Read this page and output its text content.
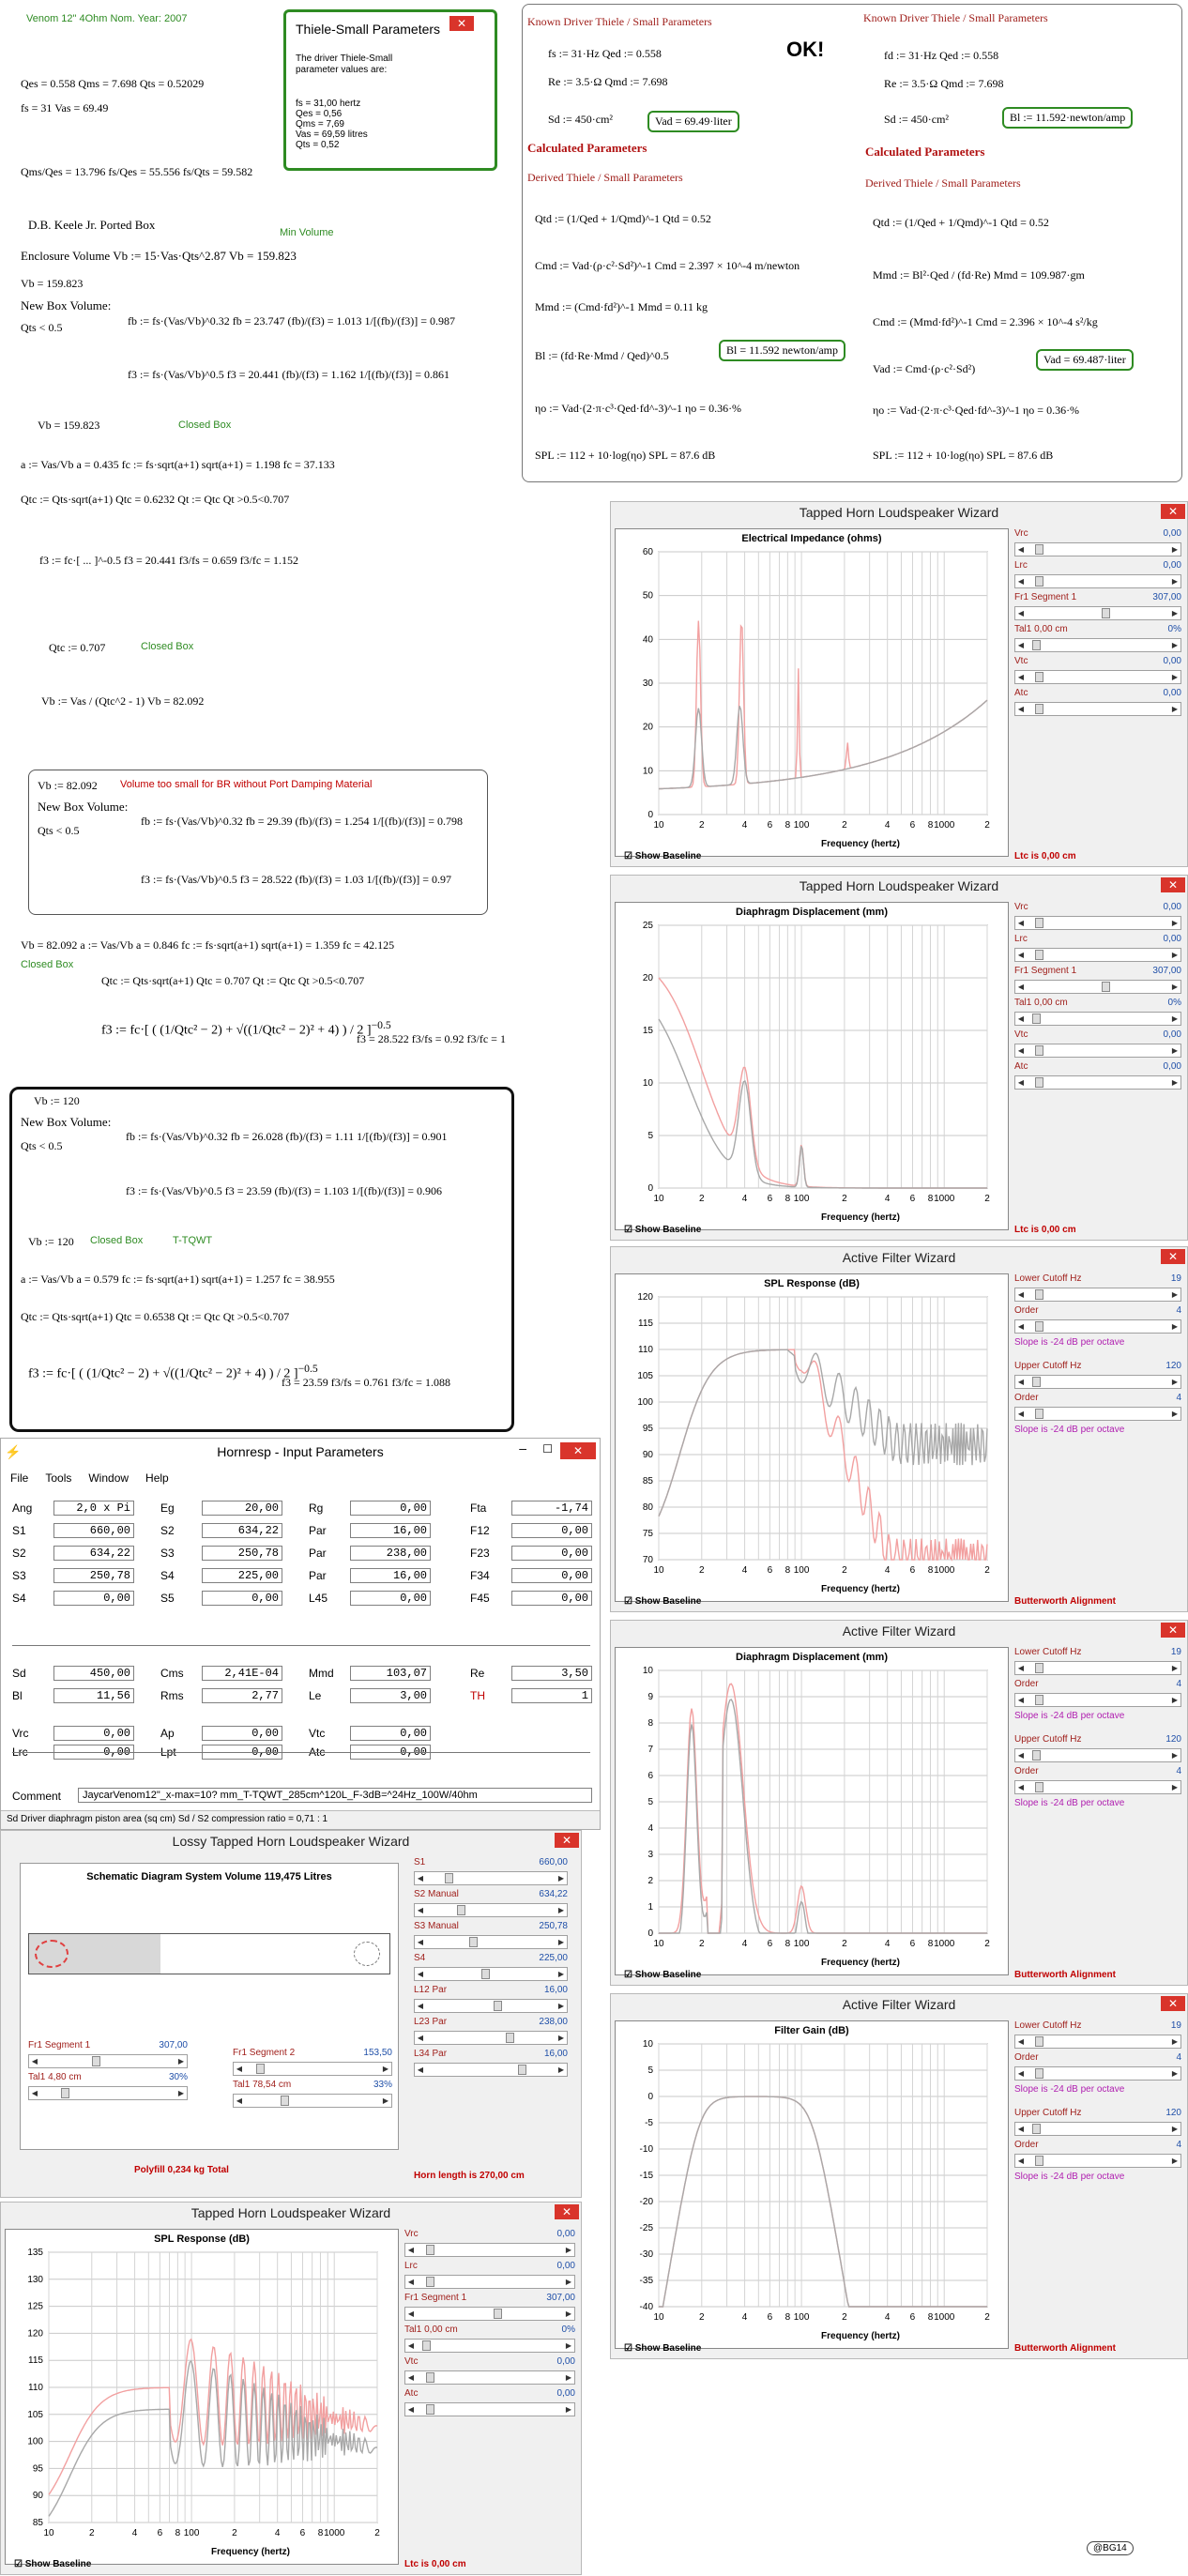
Venom 12" 4Ohm Nom. Year: 2007
Thiele-Small Parameters	✕
The driver Thiele-Small parameter values are:
fs = 31,00 hertz
Qes = 0,56
Qms = 7,69
Vas = 69,59 litres
Qts = 0,52
Qes = 0.558 Qms = 7.698 Qts = 0.52029
fs = 31 Vas = 69.49
Qms/Qes = 13.796 fs/Qes = 55.556 fs/Qts = 59.582
D.B. Keele Jr. Ported Box
Min Volume
Enclosure Volume Vb := 15·Vas·Qts^2.87 Vb = 159.823
Vb = 159.823
New Box Volume:
Qts < 0.5	fb := fs·(Vas/Vb)^0.32 fb = 23.747 (fb)/(f3) = 1.013 1/[(fb)/(f3)] = 0.987
f3 := fs·(Vas/Vb)^0.5 f3 = 20.441 (fb)/(f3) = 1.162 1/[(fb)/(f3)] = 0.861
Vb = 159.823	Closed Box
a := Vas/Vb a = 0.435 fc := fs·sqrt(a+1) sqrt(a+1) = 1.198 fc = 37.133
Qtc := Qts·sqrt(a+1) Qtc = 0.6232 Qt := Qtc Qt >0.5<0.707
f3 := fc·[ ... ]^-0.5 f3 = 20.441 f3/fs = 0.659 f3/fc = 1.152
Qtc := 0.707	Closed Box
Vb := Vas / (Qtc^2 - 1) Vb = 82.092
Vb := 82.092 Volume too small for BR without Port Damping Material
New Box Volume:
Qts < 0.5
fb := fs·(Vas/Vb)^0.32 fb = 29.39 (fb)/(f3) = 1.254 1/[(fb)/(f3)] = 0.798
f3 := fs·(Vas/Vb)^0.5 f3 = 28.522 (fb)/(f3) = 1.03 1/[(fb)/(f3)] = 0.97
Vb = 82.092 a := Vas/Vb a = 0.846 fc := fs·sqrt(a+1) sqrt(a+1) = 1.359 fc = 42.125
Closed Box
Qtc := Qts·sqrt(a+1) Qtc = 0.707 Qt := Qtc Qt >0.5<0.707
f3 = 28.522 f3/fs = 0.92 f3/fc = 1
f3 := fc·[ ( (1/Qtc² − 2) + √((1/Qtc² − 2)² + 4) ) / 2 ]$^{-0.5}$
Vb := 120
New Box Volume:
Qts < 0.5
fb := fs·(Vas/Vb)^0.32 fb = 26.028 (fb)/(f3) = 1.11 1/[(fb)/(f3)] = 0.901
f3 := fs·(Vas/Vb)^0.5 f3 = 23.59 (fb)/(f3) = 1.103 1/[(fb)/(f3)] = 0.906
Vb := 120 Closed Box	T-TQWT
a := Vas/Vb a = 0.579 fc := fs·sqrt(a+1) sqrt(a+1) = 1.257 fc = 38.955
Qtc := Qts·sqrt(a+1) Qtc = 0.6538 Qt := Qtc Qt >0.5<0.707
f3 := fc·[ ( (1/Qtc² − 2) + √((1/Qtc² − 2)² + 4) ) / 2 ]$^{-0.5}$
f3 = 23.59 f3/fs = 0.761 f3/fc = 1.088
Known Driver Thiele / Small Parameters
OK!
fs := 31·Hz Qed := 0.558
Re := 3.5·Ω Qmd := 7.698
Sd := 450·cm²	Vad = 69.49·liter
Calculated Parameters
Derived Thiele / Small Parameters
Qtd := (1/Qed + 1/Qmd)^-1 Qtd = 0.52
Cmd := Vad·(ρ·c²·Sd²)^-1 Cmd = 2.397 × 10^-4 m/newton
Mmd := (Cmd·fd²)^-1 Mmd = 0.11 kg
Bl := (fd·Re·Mmd / Qed)^0.5	Bl = 11.592 newton/amp
ηo := Vad·(2·π·c³·Qed·fd^-3)^-1 ηo = 0.36·%
SPL := 112 + 10·log(ηo) SPL = 87.6 dB
Known Driver Thiele / Small Parameters
fd := 31·Hz Qed := 0.558
Re := 3.5·Ω Qmd := 7.698
Sd := 450·cm²	Bl := 11.592·newton/amp
Calculated Parameters
Derived Thiele / Small Parameters
Qtd := (1/Qed + 1/Qmd)^-1 Qtd = 0.52
Mmd := Bl²·Qed / (fd·Re) Mmd = 109.987·gm
Cmd := (Mmd·fd²)^-1 Cmd = 2.396 × 10^-4 s²/kg
Vad := Cmd·(ρ·c²·Sd²)
Vad = 69.487·liter
ηo := Vad·(2·π·c³·Qed·fd^-3)^-1 ηo = 0.36·%
SPL := 112 + 10·log(ηo) SPL = 87.6 dB
Tapped Horn Loudspeaker Wizard	✕
Electrical Impedance (ohms)
60
50
40
30
20
10
0
10	2	4 6 8 100	2	4 6 8 1000	2
Frequency (hertz)
☑ Show Baseline	Ltc is 0,00 cm
Vrc	0,00
◀	▶
Lrc	0,00
◀	▶
Fr1 Segment 1	307,00
◀	▶
Tal1 0,00 cm	0%
◀	▶
Vtc	0,00
◀	▶
Atc	0,00
◀	▶
Tapped Horn Loudspeaker Wizard	✕
Diaphragm Displacement (mm)
25
20
15
10
5
0
10	2	4 6 8 100	2	4 6 8 1000	2
Frequency (hertz)
☑ Show Baseline	Ltc is 0,00 cm
Vrc	0,00
◀	▶
Lrc	0,00
◀	▶
Fr1 Segment 1	307,00
◀	▶
Tal1 0,00 cm	0%
◀	▶
Vtc	0,00
◀	▶
Atc	0,00
◀	▶
Active Filter Wizard	✕
SPL Response (dB)
120
115
110
105
100
95
90
85
80
75
70
10	2	4 6 8 100	2	4 6 8 1000	2
Frequency (hertz)
☑ Show Baseline	Butterworth Alignment
Lower Cutoff Hz	19
◀	▶
Order	4
◀	▶
Slope is -24 dB per octave
Upper Cutoff Hz	120
◀	▶
Order	4
◀	▶
Slope is -24 dB per octave
Active Filter Wizard	✕
Diaphragm Displacement (mm)
10
9
8
7
6
5
4
3
2
1
0
10	2	4 6 8 100	2	4 6 8 1000	2
Frequency (hertz)
☑ Show Baseline	Butterworth Alignment
Lower Cutoff Hz	19
◀	▶
Order	4
◀	▶
Slope is -24 dB per octave
Upper Cutoff Hz	120
◀	▶
Order	4
◀	▶
Slope is -24 dB per octave
Active Filter Wizard	✕
Filter Gain (dB)
10
5
0
-5
-10
-15
-20
-25
-30
-35
-40
10	2	4 6 8 100	2	4 6 8 1000	2
Frequency (hertz)
☑ Show Baseline	Butterworth Alignment
Lower Cutoff Hz	19
◀	▶
Order	4
◀	▶
Slope is -24 dB per octave
Upper Cutoff Hz	120
◀	▶
Order	4
◀	▶
Slope is -24 dB per octave
Tapped Horn Loudspeaker Wizard	✕
SPL Response (dB)
135
130
125
120
115
110
105
100
95
90
85
10	2	4 6 8 100	2	4 6 8 1000	2
Frequency (hertz)
☑ Show Baseline	Ltc is 0,00 cm
Vrc	0,00
◀	▶
Lrc	0,00
◀	▶
Fr1 Segment 1	307,00
◀	▶
Tal1 0,00 cm	0%
◀	▶
Vtc	0,00
◀	▶
Atc	0,00
◀	▶
⚡	Hornresp - Input Parameters	– ☐	✕
File Tools Window Help
Ang	2,0 x Pi	Eg	20,00	Rg	0,00	Fta	-1,74
S1	660,00	S2	634,22	Par	16,00	F12	0,00
S2	634,22	S3	250,78	Par	238,00	F23	0,00
S3	250,78	S4	225,00	Par	16,00	F34	0,00
S4	0,00	S5	0,00	L45	0,00	F45	0,00
Sd	450,00	Cms	2,41E-04	Mmd	103,07	Re	3,50
Bl	11,56	Rms	2,77	Le	3,00	TH	1
Vrc	0,00	Ap	0,00	Vtc	0,00
Lrc	0,00	Lpt	0,00	Atc	0,00
Comment	JaycarVenom12"_x-max=10? mm_T-TQWT_285cm^120L_F-3dB=^24Hz_100W/40hm
Sd Driver diaphragm piston area (sq cm) Sd / S2 compression ratio = 0,71 : 1
Lossy Tapped Horn Loudspeaker Wizard	✕
Schematic Diagram System Volume 119,475 Litres
Fr1 Segment 1	307,00
◀	▶
Tal1 4,80 cm	30%
◀	▶
Fr1 Segment 2	153,50
◀	▶
Tal1 78,54 cm	33%
◀	▶
S1	660,00
◀	▶
S2 Manual	634,22
◀	▶
S3 Manual	250,78
◀	▶
S4	225,00
◀	▶
L12 Par	16,00
◀	▶
L23 Par	238,00
◀	▶
L34 Par	16,00
◀	▶
Polyfill 0,234 kg Total
Horn length is 270,00 cm
@BG14
